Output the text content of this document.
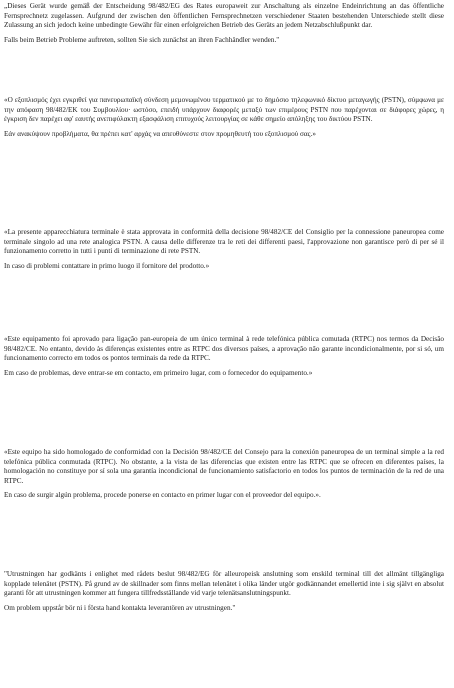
„Dieses Gerät wurde gemäß der Entscheidung 98/482/EG des Rates europaweit zur Anschaltung als einzelne Endeinrichtung an das öffentliche Fernsprechnetz zugelassen. Aufgrund der zwischen den öffentlichen Fernsprechnetzen verschiedener Staaten bestehenden Unterschiede stellt diese Zulassung an sich jedoch keine unbedingte Gewähr für einen erfolgreichen Betrieb des Geräts an jedem Netzabschlußpunkt dar.

Falls beim Betrieb Probleme auftreten, sollten Sie sich zunächst an ihren Fachhändler wenden."

«Ο εξοπλισμός έχει εγκριθεί για πανευρωπαϊκή σύνδεση μεμονωμένου τερματικού με το δημόσιο τηλεφωνικό δίκτυο μεταγωγής (PSTN), σύμφωνα με την απόφαση 98/482/ΕΚ του Συμβουλίου· ωστόσο, επειδή υπάρχουν διαφορές μεταξύ των επιμέρους PSTN που παρέχονται σε διάφορες χώρες, η έγκριση δεν παρέχει αφ' εαυτής ανεπιφύλακτη εξασφάλιση επιτυχούς λειτουργίας σε κάθε σημείο απόληξης του δικτύου PSTN.

Εάν ανακύψουν προβλήματα, θα πρέπει κατ' αρχάς να απευθύνεστε στον προμηθευτή του εξοπλισμού σας.»

«La presente apparecchiatura terminale è stata approvata in conformità della decisione 98/482/CE del Consiglio per la connessione paneuropea come terminale singolo ad una rete analogica PSTN. A causa delle differenze tra le reti dei differenti paesi, l'approvazione non garantisce però di per sé il funzionamento corretto in tutti i punti di terminazione di rete PSTN.

In caso di problemi contattare in primo luogo il fornitore del prodotto.»

«Este equipamento foi aprovado para ligação pan-europeia de um único terminal à rede telefónica pública comutada (RTPC) nos termos da Decisão 98/482/CE. No entanto, devido às diferenças existentes entre as RTPC dos diversos países, a aprovação não garante incondicionalmente, por si só, um funcionamento correcto em todos os pontos terminais da rede da RTPC.

Em caso de problemas, deve entrar-se em contacto, em primeiro lugar, com o fornecedor do equipamento.»

«Este equipo ha sido homologado de conformidad con la Decisión 98/482/CE del Consejo para la conexión paneuropea de un terminal simple a la red telefónica pública conmutada (RTPC). No obstante, a la vista de las diferencias que existen entre las RTPC que se ofrecen en diferentes países, la homologación no constituye por sí sola una garantía incondicional de funcionamiento satisfactorio en todos los puntos de terminación de la red de una RTPC.

En caso de surgir algún problema, procede ponerse en contacto en primer lugar con el proveedor del equipo.».

"Utrustningen har godkänts i enlighet med rådets beslut 98/482/EG för alleuropeisk anslutning som enskild terminal till det allmänt tillgängliga kopplade telenätet (PSTN). På grund av de skillnader som finns mellan telenätet i olika länder utgör godkännandet emellertid inte i sig självt en absolut garanti för att utrustningen kommer att fungera tillfredsställande vid varje telenätsanslutningspunkt.

Om problem uppstår bör ni i första hand kontakta leverantören av utrustningen."
